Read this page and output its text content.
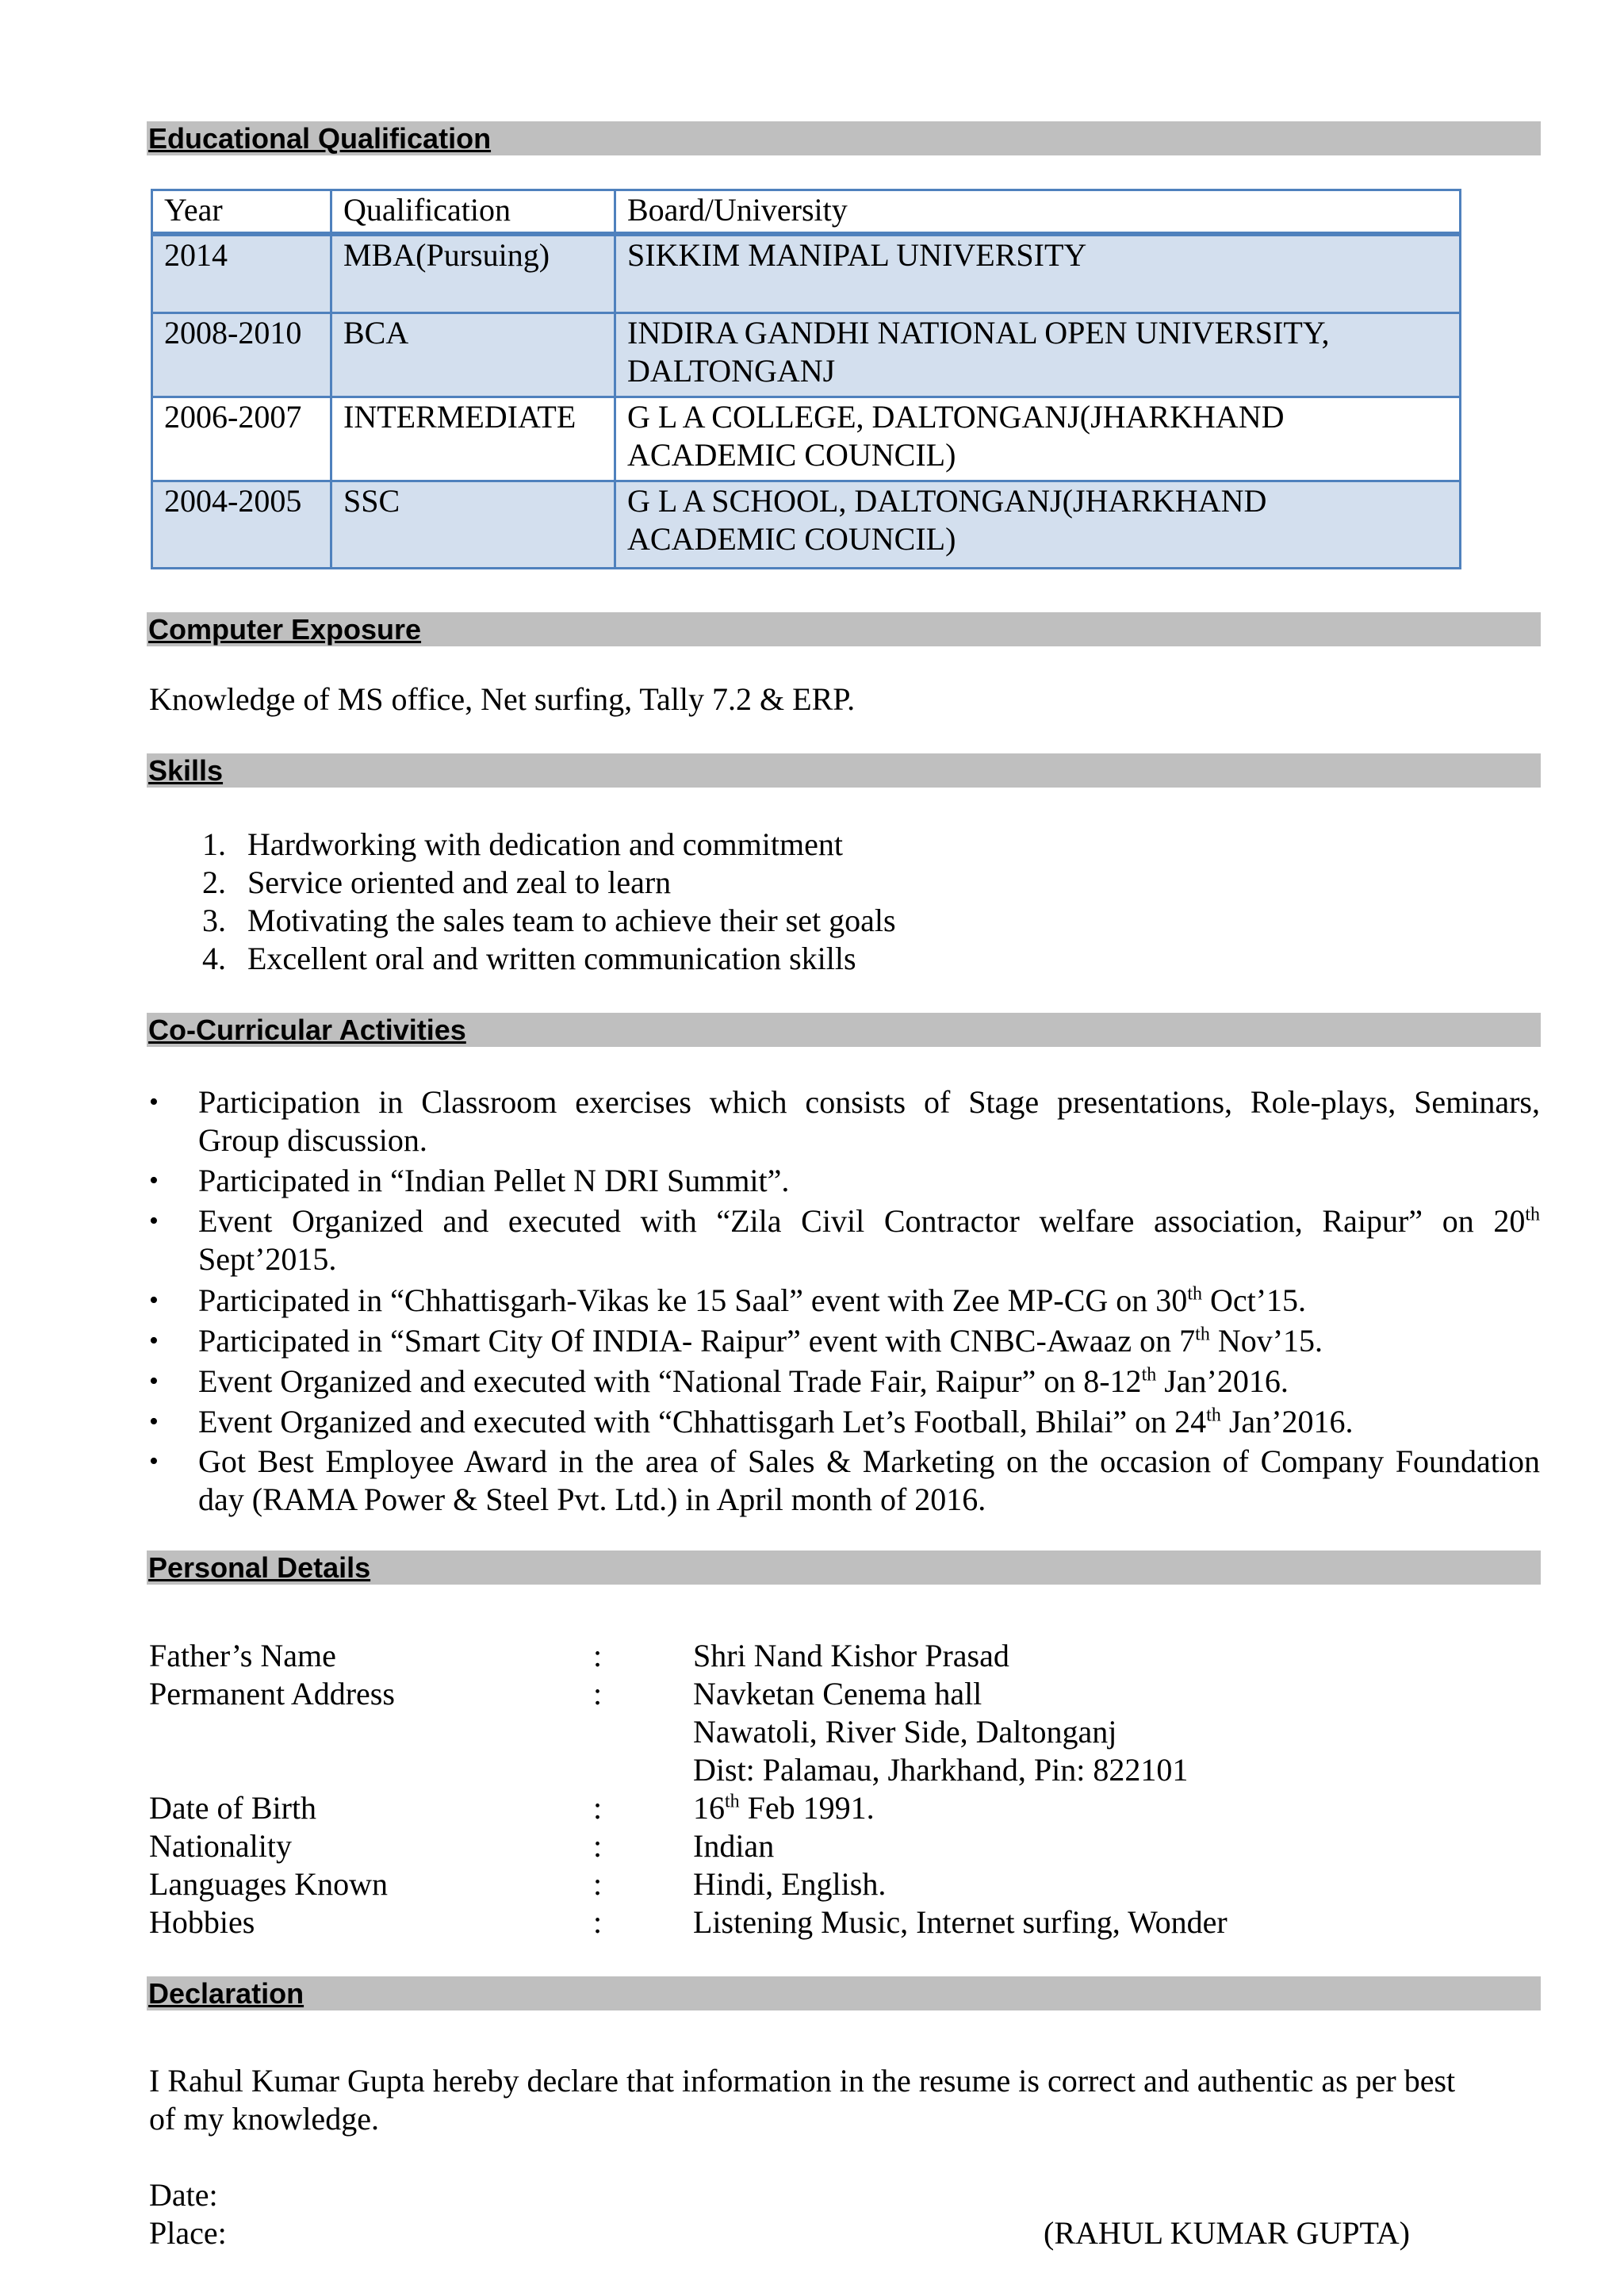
Educational Qualification
Year	Qualification	Board/University
2014	MBA(Pursuing)	SIKKIM MANIPAL UNIVERSITY
2008-2010	BCA	INDIRA GANDHI NATIONAL OPEN UNIVERSITY,
DALTONGANJ
2006-2007	INTERMEDIATE	G L A COLLEGE, DALTONGANJ(JHARKHAND
ACADEMIC COUNCIL)
2004-2005	SSC	G L A SCHOOL, DALTONGANJ(JHARKHAND
ACADEMIC COUNCIL)
Computer Exposure
Knowledge of MS office, Net surfing, Tally 7.2 & ERP.
Skills
1. Hardworking with dedication and commitment
2. Service oriented and zeal to learn
3. Motivating the sales team to achieve their set goals
4. Excellent oral and written communication skills
Co-Curricular Activities
• Participation in Classroom exercises which consists of Stage presentations, Role-plays, Seminars,
Group discussion.
• Participated in “Indian Pellet N DRI Summit”.
• Event Organized and executed with “Zila Civil Contractor welfare association, Raipur” on 20th
Sept’2015.
• Participated in “Chhattisgarh-Vikas ke 15 Saal” event with Zee MP-CG on 30th Oct’15.
• Participated in “Smart City Of INDIA- Raipur” event with CNBC-Awaaz on 7th Nov’15.
• Event Organized and executed with “National Trade Fair, Raipur” on 8-12th Jan’2016.
• Event Organized and executed with “Chhattisgarh Let’s Football, Bhilai” on 24th Jan’2016.
• Got Best Employee Award in the area of Sales & Marketing on the occasion of Company Foundation
day (RAMA Power & Steel Pvt. Ltd.) in April month of 2016.
Personal Details
Father’s Name	:	Shri Nand Kishor Prasad
Permanent Address	:	Navketan Cenema hall
Nawatoli, River Side, Daltonganj
Dist: Palamau, Jharkhand, Pin: 822101
Date of Birth	:	16th Feb 1991.
Nationality	:	Indian
Languages Known	:	Hindi, English.
Hobbies	:	Listening Music, Internet surfing, Wonder
Declaration
I Rahul Kumar Gupta hereby declare that information in the resume is correct and authentic as per best
of my knowledge.
Date:
Place:	(RAHUL KUMAR GUPTA)
